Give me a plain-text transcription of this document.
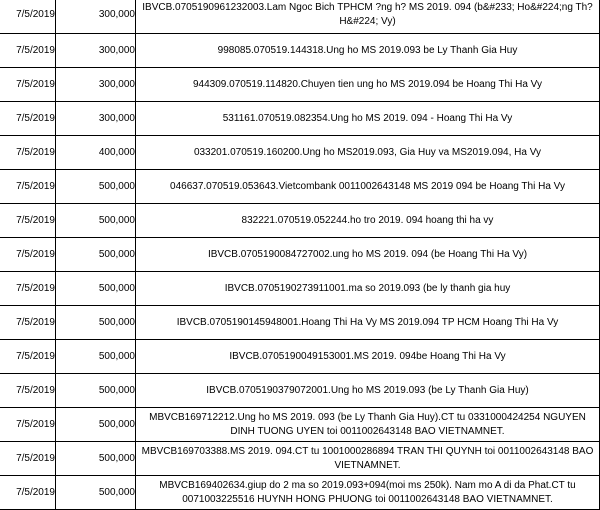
7/5/2019	300,000	IBVCB.0705190961232003.Lam Ngoc Bich TPHCM ?ng h? MS 2019. 094 (b&#233; Ho&#224;ng Th? H&#224; Vy)
7/5/2019	300,000	998085.070519.144318.Ung ho MS 2019.093 be Ly Thanh Gia Huy
7/5/2019	300,000	944309.070519.114820.Chuyen tien ung ho MS 2019.094 be Hoang Thi Ha Vy
7/5/2019	300,000	531161.070519.082354.Ung ho MS 2019. 094 - Hoang Thi Ha Vy
7/5/2019	400,000	033201.070519.160200.Ung ho MS2019.093, Gia Huy va MS2019.094, Ha Vy
7/5/2019	500,000	046637.070519.053643.Vietcombank 0011002643148 MS 2019 094 be Hoang Thi Ha Vy
7/5/2019	500,000	832221.070519.052244.ho tro 2019. 094 hoang thi ha vy
7/5/2019	500,000	IBVCB.0705190084727002.ung ho MS 2019. 094 (be Hoang Thi Ha Vy)
7/5/2019	500,000	IBVCB.0705190273911001.ma so 2019.093 (be ly thanh gia huy
7/5/2019	500,000	IBVCB.0705190145948001.Hoang Thi Ha Vy MS 2019.094 TP HCM Hoang Thi Ha Vy
7/5/2019	500,000	IBVCB.0705190049153001.MS 2019. 094be Hoang Thi Ha Vy
7/5/2019	500,000	IBVCB.0705190379072001.Ung ho MS 2019.093 (be Ly Thanh Gia Huy)
7/5/2019	500,000	MBVCB169712212.Ung ho MS 2019. 093 (be Ly Thanh Gia Huy).CT tu 0331000424254 NGUYEN DINH TUONG UYEN toi 0011002643148 BAO VIETNAMNET.
7/5/2019	500,000	MBVCB169703388.MS 2019. 094.CT tu 1001000286894 TRAN THI QUYNH toi 0011002643148 BAO VIETNAMNET.
7/5/2019	500,000	MBVCB169402634.giup do 2 ma so 2019.093+094(moi ms 250k). Nam mo A di da Phat.CT tu 0071003225516 HUYNH HONG PHUONG toi 0011002643148 BAO VIETNAMNET.
